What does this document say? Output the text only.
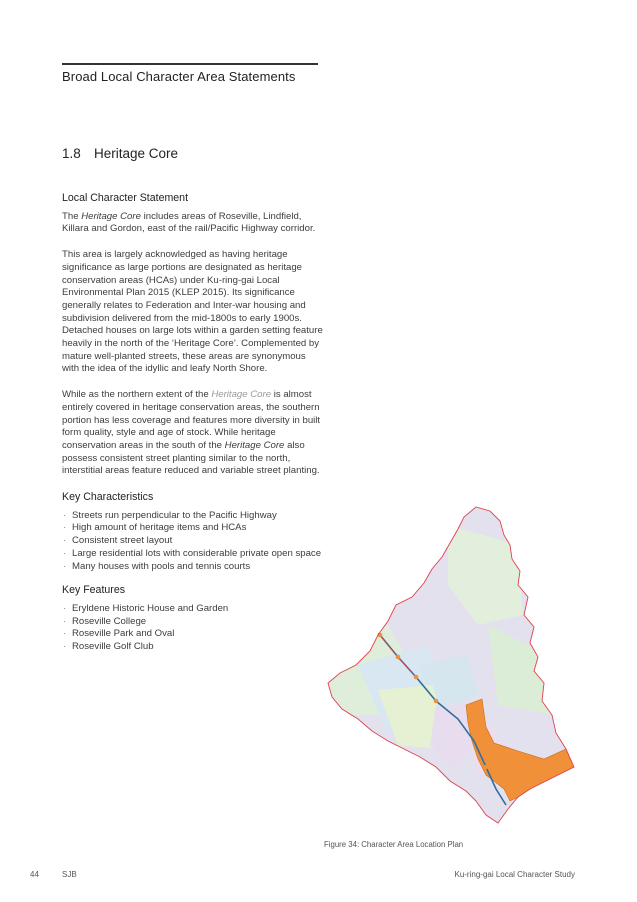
Broad Local Character Area Statements
1.8 Heritage Core
Local Character Statement

The Heritage Core includes areas of Roseville, Lindfield, Killara and Gordon, east of the rail/Pacific Highway corridor.

This area is largely acknowledged as having heritage significance as large portions are designated as heritage conservation areas (HCAs) under Ku-ring-gai Local Environmental Plan 2015 (KLEP 2015). Its significance generally relates to Federation and Inter-war housing and subdivision delivered from the mid-1800s to early 1900s. Detached houses on large lots within a garden setting feature heavily in the north of the ‘Heritage Core’. Complemented by mature well-planted streets, these areas are synonymous with the idea of the idyllic and leafy North Shore.

While as the northern extent of the Heritage Core is almost entirely covered in heritage conservation areas, the southern portion has less coverage and features more diversity in built form quality, style and age of stock. While heritage conservation areas in the south of the Heritage Core also possess consistent street planting similar to the north, interstitial areas feature reduced and variable street planting.

Key Characteristics
· Streets run perpendicular to the Pacific Highway
· High amount of heritage items and HCAs
· Consistent street layout
· Large residential lots with considerable private open space
· Many houses with pools and tennis courts
Key Features
· Eryldene Historic House and Garden
· Roseville College
· Roseville Park and Oval
· Roseville Golf Club
Figure 34: Character Area Location Plan
44	SJB	Ku-ring-gai Local Character Study
